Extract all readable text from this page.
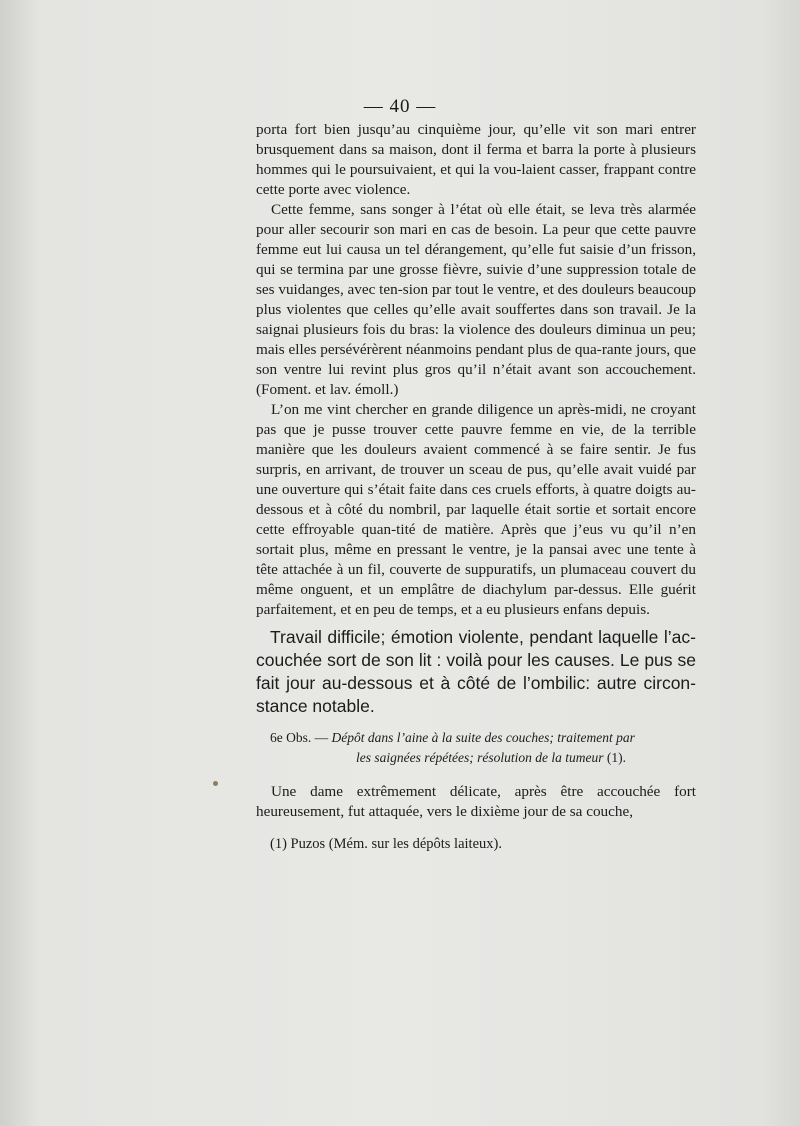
— 40 —

porta fort bien jusqu’au cinquième jour, qu’elle vit son mari entrer brusquement dans sa maison, dont il ferma et barra la porte à plusieurs hommes qui le poursuivaient, et qui la vou-laient casser, frappant contre cette porte avec violence.

Cette femme, sans songer à l’état où elle était, se leva très alarmée pour aller secourir son mari en cas de besoin. La peur que cette pauvre femme eut lui causa un tel dérangement, qu’elle fut saisie d’un frisson, qui se termina par une grosse fièvre, suivie d’une suppression totale de ses vuidanges, avec ten-sion par tout le ventre, et des douleurs beaucoup plus violentes que celles qu’elle avait souffertes dans son travail. Je la saignai plusieurs fois du bras: la violence des douleurs diminua un peu; mais elles persévérèrent néanmoins pendant plus de qua-rante jours, que son ventre lui revint plus gros qu’il n’était avant son accouchement. (Foment. et lav. émoll.)

L’on me vint chercher en grande diligence un après-midi, ne croyant pas que je pusse trouver cette pauvre femme en vie, de la terrible manière que les douleurs avaient commencé à se faire sentir. Je fus surpris, en arrivant, de trouver un sceau de pus, qu’elle avait vuidé par une ouverture qui s’était faite dans ces cruels efforts, à quatre doigts au-dessous et à côté du nombril, par laquelle était sortie et sortait encore cette effroyable quan-tité de matière. Après que j’eus vu qu’il n’en sortait plus, même en pressant le ventre, je la pansai avec une tente à tête attachée à un fil, couverte de suppuratifs, un plumaceau couvert du même onguent, et un emplâtre de diachylum par-dessus. Elle guérit parfaitement, et en peu de temps, et a eu plusieurs enfans depuis.

Travail difficile; émotion violente, pendant laquelle l’ac-couchée sort de son lit : voilà pour les causes. Le pus se fait jour au-dessous et à côté de l’ombilic: autre circon-stance notable.

6e Obs. — Dépôt dans l’aine à la suite des couches; traitement par
les saignées répétées; résolution de la tumeur (1).

Une dame extrêmement délicate, après être accouchée fort heureusement, fut attaquée, vers le dixième jour de sa couche,

(1) Puzos (Mém. sur les dépôts laiteux).
